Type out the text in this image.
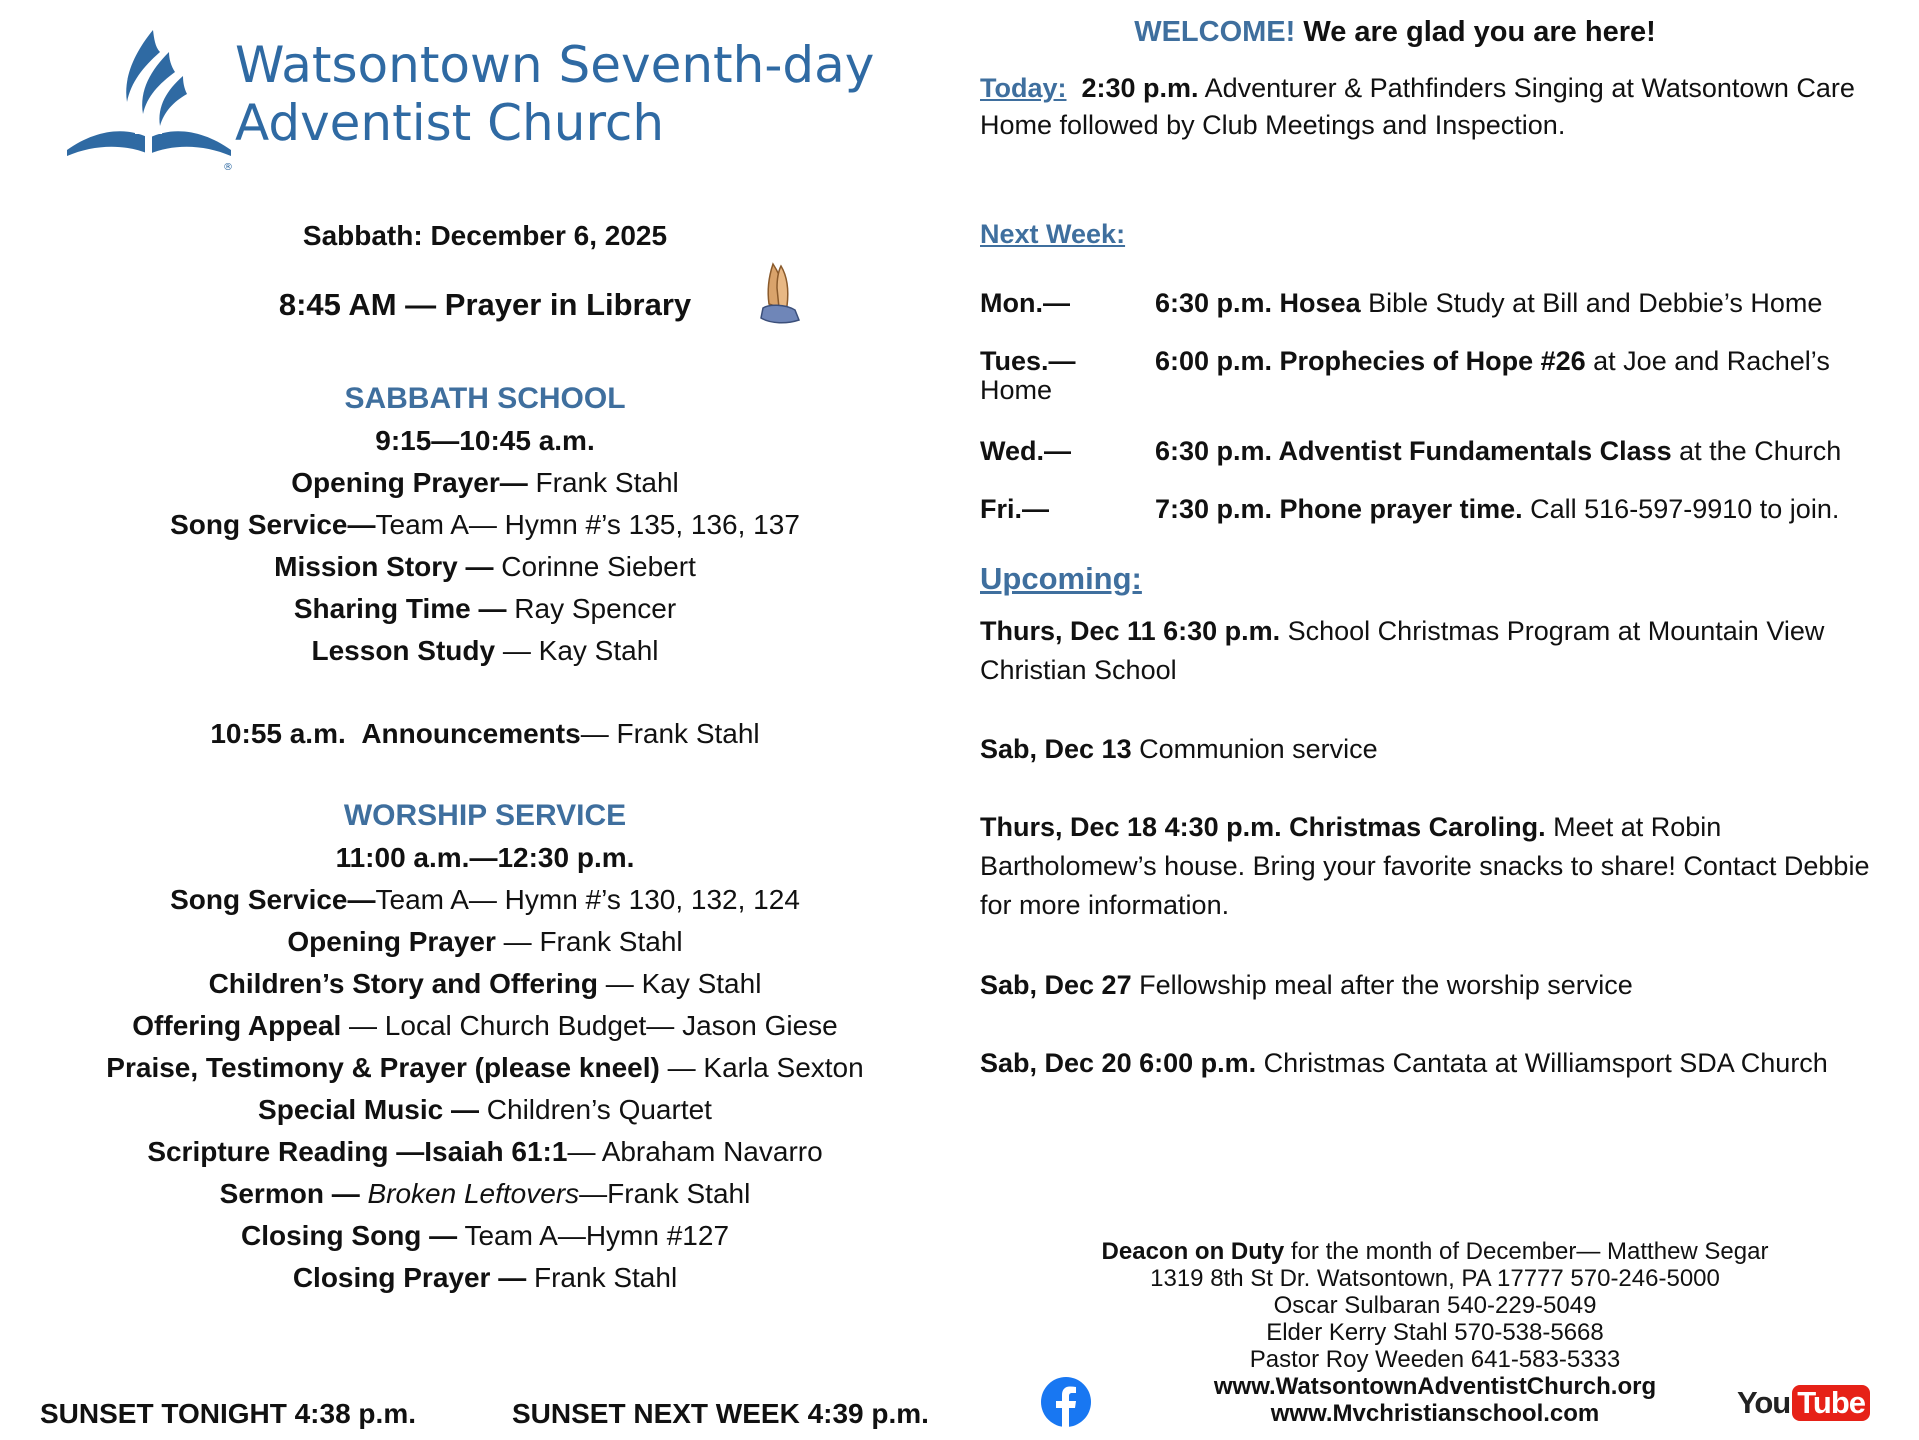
®
Watsontown Seventh-day
Adventist Church
Sabbath: December 6, 2025
8:45 AM — Prayer in Library
SABBATH SCHOOL
9:15—10:45 a.m.
Opening Prayer— Frank Stahl
Song Service—Team A— Hymn #’s 135, 136, 137
Mission Story — Corinne Siebert
Sharing Time — Ray Spencer
Lesson Study — Kay Stahl
10:55 a.m. Announcements— Frank Stahl
WORSHIP SERVICE
11:00 a.m.—12:30 p.m.
Song Service—Team A— Hymn #’s 130, 132, 124
Opening Prayer — Frank Stahl
Children’s Story and Offering — Kay Stahl
Offering Appeal — Local Church Budget— Jason Giese
Praise, Testimony & Prayer (please kneel) — Karla Sexton
Special Music — Children’s Quartet
Scripture Reading —Isaiah 61:1— Abraham Navarro
Sermon — Broken Leftovers—Frank Stahl
Closing Song — Team A—Hymn #127
Closing Prayer — Frank Stahl
SUNSET TONIGHT 4:38 p.m.	SUNSET NEXT WEEK 4:39 p.m.
WELCOME! We are glad you are here!
Today: 2:30 p.m. Adventurer & Pathfinders Singing at Watsontown Care Home followed by Club Meetings and Inspection.
Next Week:
Mon.—	6:30 p.m. Hosea Bible Study at Bill and Debbie’s Home
Tues.—	6:00 p.m. Prophecies of Hope #26 at Joe and Rachel’s
Home
Wed.—	6:30 p.m. Adventist Fundamentals Class at the Church
Fri.—	7:30 p.m. Phone prayer time. Call 516-597-9910 to join.
Upcoming:
Thurs, Dec 11 6:30 p.m. School Christmas Program at Mountain View Christian School
Sab, Dec 13 Communion service
Thurs, Dec 18 4:30 p.m. Christmas Caroling. Meet at Robin Bartholomew’s house. Bring your favorite snacks to share! Contact Debbie for more information.
Sab, Dec 27 Fellowship meal after the worship service
Sab, Dec 20 6:00 p.m. Christmas Cantata at Williamsport SDA Church
Deacon on Duty for the month of December— Matthew Segar
1319 8th St Dr. Watsontown, PA 17777 570-246-5000
Oscar Sulbaran 540-229-5049
Elder Kerry Stahl 570-538-5668
Pastor Roy Weeden 641-583-5333
www.WatsontownAdventistChurch.org
www.Mvchristianschool.com	You Tube
